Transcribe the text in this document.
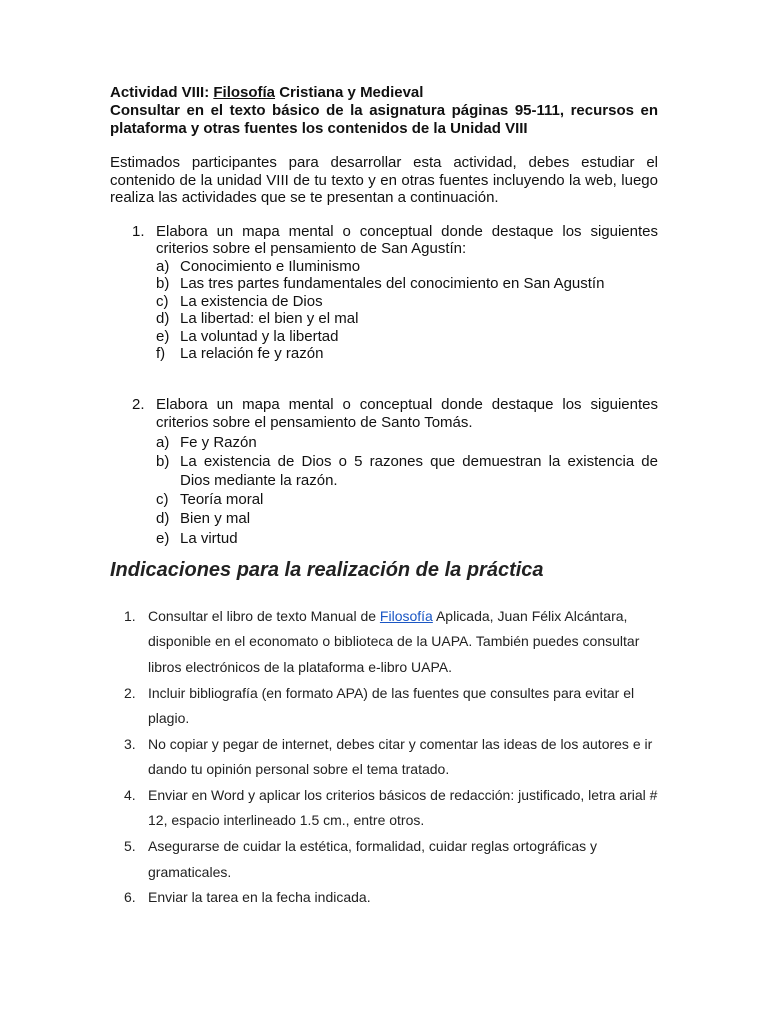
Actividad VIII: Filosofía Cristiana y Medieval

Consultar en el texto básico de la asignatura páginas 95-111, recursos en plataforma y otras fuentes los contenidos de la Unidad VIII

Estimados participantes para desarrollar esta actividad, debes estudiar el contenido de la unidad VIII de tu texto y en otras fuentes incluyendo la web, luego realiza las actividades que se te presentan a continuación.

1. Elabora un mapa mental o conceptual donde destaque los siguientes criterios sobre el pensamiento de San Agustín:
a) Conocimiento e Iluminismo
b) Las tres partes fundamentales del conocimiento en San Agustín
c) La existencia de Dios
d) La libertad: el bien y el mal
e) La voluntad y la libertad
f) La relación fe y razón
2. Elabora un mapa mental o conceptual donde destaque los siguientes criterios sobre el pensamiento de Santo Tomás.
a) Fe y Razón
b) La existencia de Dios o 5 razones que demuestran la existencia de Dios mediante la razón.
c) Teoría moral
d) Bien y mal
e) La virtud
Indicaciones para la realización de la práctica
1. Consultar el libro de texto Manual de Filosofía Aplicada, Juan Félix Alcántara, disponible en el economato o biblioteca de la UAPA. También puedes consultar libros electrónicos de la plataforma e-libro UAPA.
2. Incluir bibliografía (en formato APA) de las fuentes que consultes para evitar el plagio.
3. No copiar y pegar de internet, debes citar y comentar las ideas de los autores e ir dando tu opinión personal sobre el tema tratado.
4. Enviar en Word y aplicar los criterios básicos de redacción: justificado, letra arial # 12, espacio interlineado 1.5 cm., entre otros.
5. Asegurarse de cuidar la estética, formalidad, cuidar reglas ortográficas y gramaticales.
6. Enviar la tarea en la fecha indicada.
